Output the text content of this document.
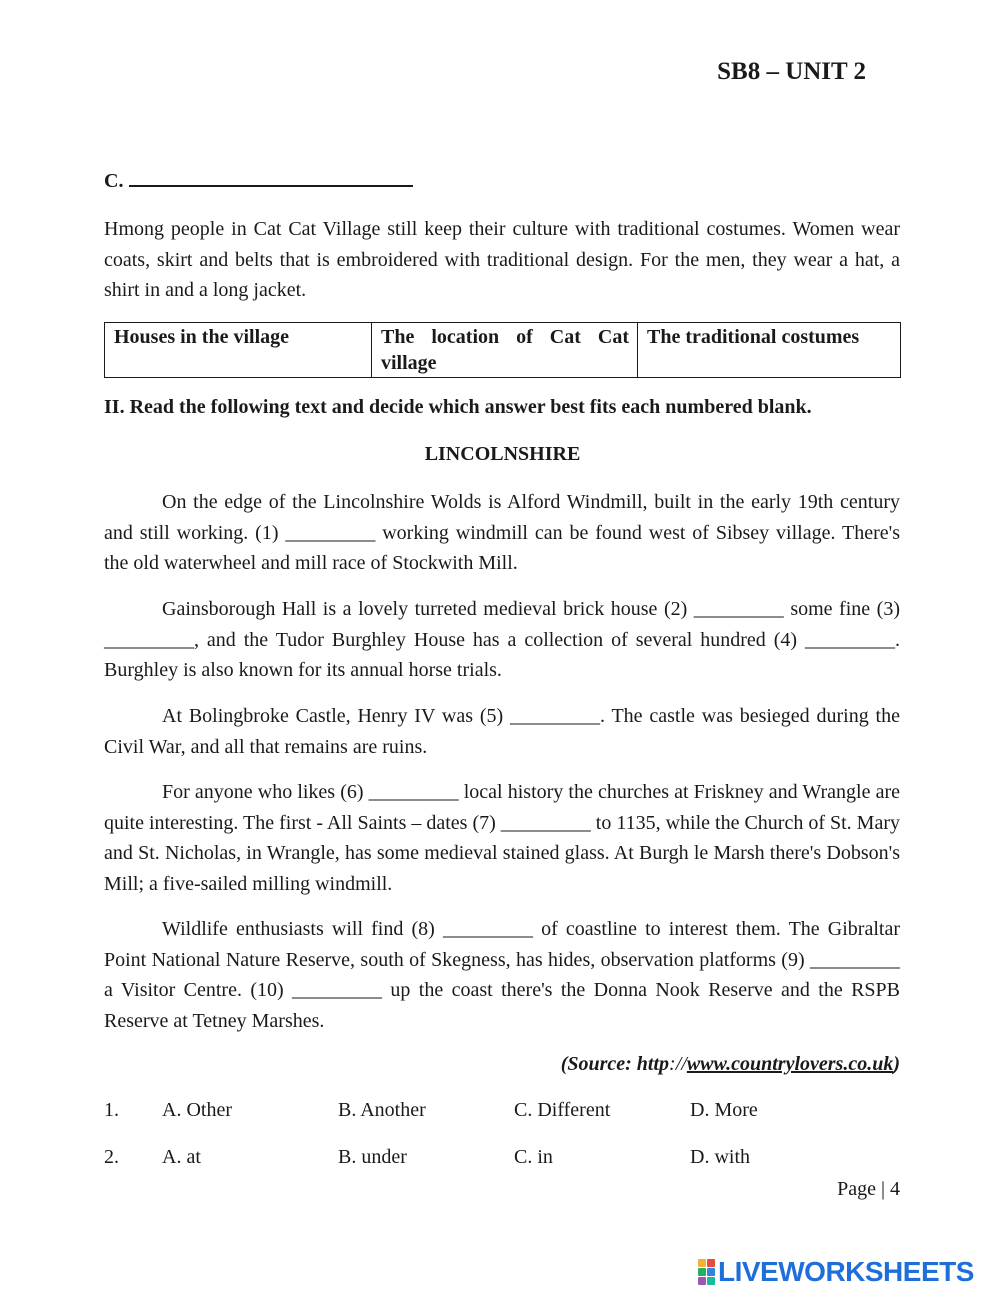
SB8 – UNIT 2
C.
Hmong people in Cat Cat Village still keep their culture with traditional costumes. Women wear coats, skirt and belts that is embroidered with traditional design. For the men, they wear a hat, a shirt in and a long jacket.
Houses in the village	The location of Cat Cat village	The traditional costumes
II. Read the following text and decide which answer best fits each numbered blank.
LINCOLNSHIRE
On the edge of the Lincolnshire Wolds is Alford Windmill, built in the early 19th century and still working. (1) _________ working windmill can be found west of Sibsey village. There's the old waterwheel and mill race of Stockwith Mill.
Gainsborough Hall is a lovely turreted medieval brick house (2) _________ some fine (3) _________, and the Tudor Burghley House has a collection of several hundred (4) _________. Burghley is also known for its annual horse trials.
At Bolingbroke Castle, Henry IV was (5) _________. The castle was besieged during the Civil War, and all that remains are ruins.
For anyone who likes (6) _________ local history the churches at Friskney and Wrangle are quite interesting. The first - All Saints – dates (7) _________ to 1135, while the Church of St. Mary and St. Nicholas, in Wrangle, has some medieval stained glass. At Burgh le Marsh there's Dobson's Mill; a five-sailed milling windmill.
Wildlife enthusiasts will find (8) _________ of coastline to interest them. The Gibraltar Point National Nature Reserve, south of Skegness, has hides, observation platforms (9) _________ a Visitor Centre. (10) _________ up the coast there's the Donna Nook Reserve and the RSPB Reserve at Tetney Marshes.
(Source: http://www.countrylovers.co.uk)
1. A. Other	B. Another	C. Different	D. More
2. A. at	B. under	C. in	D. with
Page | 4
LIVEWORKSHEETS
